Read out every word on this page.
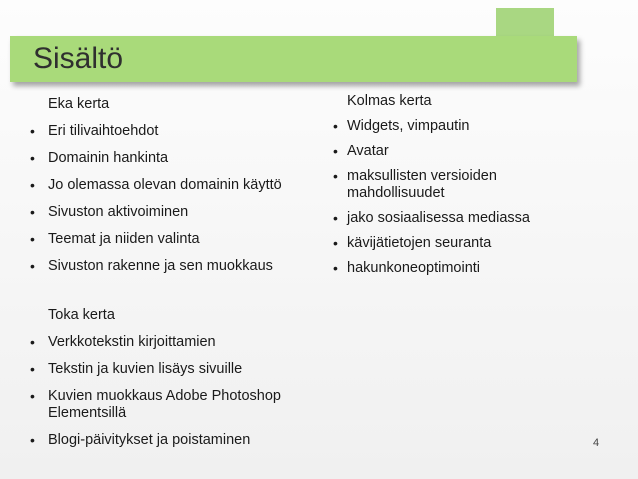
Sisältö
Eka kerta
• Eri tilivaihtoehdot
• Domainin hankinta
• Jo olemassa olevan domainin käyttö
• Sivuston aktivoiminen
• Teemat ja niiden valinta
• Sivuston rakenne ja sen muokkaus
Toka kerta
• Verkkotekstin kirjoittamien
• Tekstin ja kuvien lisäys sivuille
• Kuvien muokkaus Adobe Photoshop Elementsillä
• Blogi-päivitykset ja poistaminen
Kolmas kerta
• Widgets, vimpautin
• Avatar
• maksullisten versioiden mahdollisuudet
• jako sosiaalisessa mediassa
• kävijätietojen seuranta
• hakunkoneoptimointi
4
